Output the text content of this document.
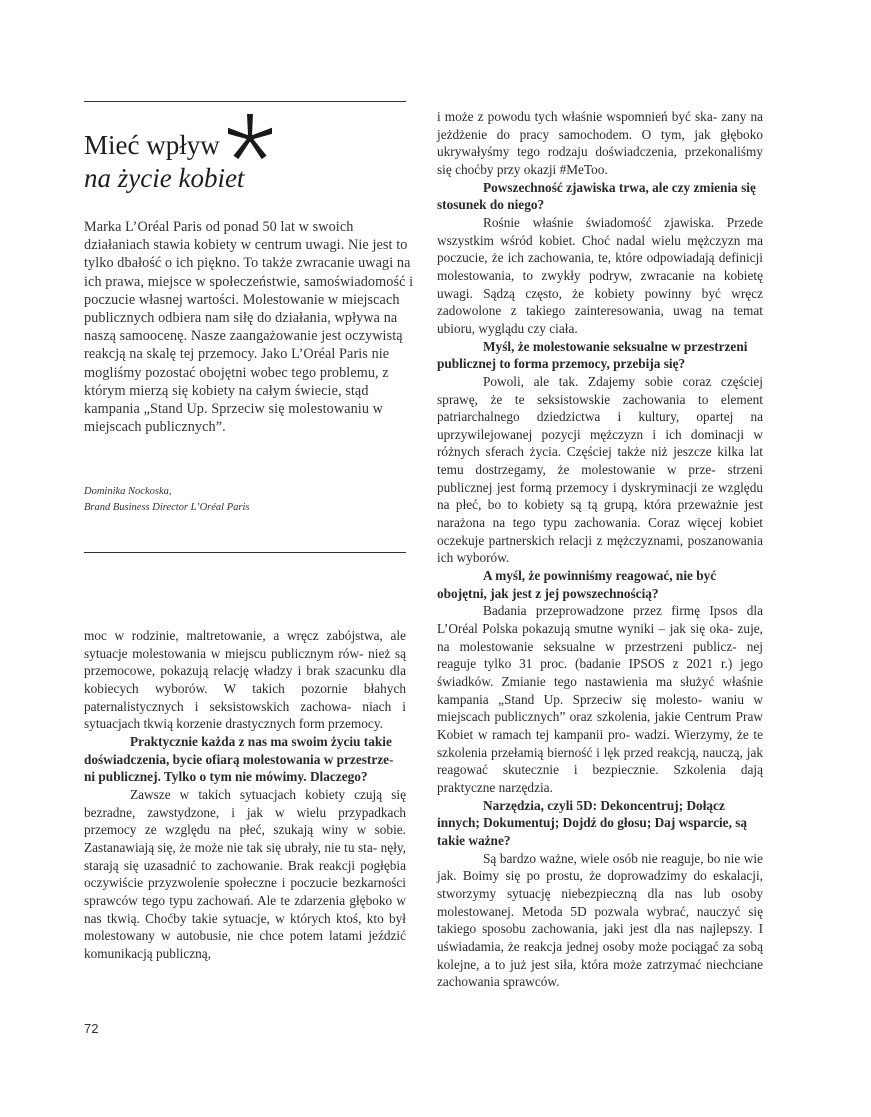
Mieć wpływ
na życie kobiet
Marka L’Oréal Paris od ponad 50 lat w swoich działaniach stawia kobiety w centrum uwagi. Nie jest to tylko dbałość o ich piękno. To także zwracanie uwagi na ich prawa, miejsce w społeczeństwie, samoświadomość i poczucie własnej wartości. Molestowanie w miejscach publicznych odbiera nam siłę do działania, wpływa na naszą samoocenę. Nasze zaangażowanie jest oczywistą reakcją na skalę tej przemocy. Jako L’Oréal Paris nie mogliśmy pozostać obojętni wobec tego problemu, z którym mierzą się kobiety na całym świecie, stąd kampania „Stand Up. Sprzeciw się molestowaniu w miejscach publicznych”.
Dominika Nockoska,
Brand Business Director L’Oréal Paris

moc w rodzinie, maltretowanie, a wręcz zabójstwa, ale sytuacje molestowania w miejscu publicznym rów- nież są przemocowe, pokazują relację władzy i brak szacunku dla kobiecych wyborów. W takich pozornie błahych paternalistycznych i seksistowskich zachowa- niach i sytuacjach tkwią korzenie drastycznych form przemocy.

Praktycznie każda z nas ma swoim życiu takie doświadczenia, bycie ofiarą molestowania w przestrze- ni publicznej. Tylko o tym nie mówimy. Dlaczego?

Zawsze w takich sytuacjach kobiety czują się bezradne, zawstydzone, i jak w wielu przypadkach przemocy ze względu na płeć, szukają winy w sobie. Zastanawiają się, że może nie tak się ubrały, nie tu sta- nęły, starają się uzasadnić to zachowanie. Brak reakcji pogłębia oczywiście przyzwolenie społeczne i poczucie bezkarności sprawców tego typu zachowań. Ale te zdarzenia głęboko w nas tkwią. Choćby takie sytuacje, w których ktoś, kto był molestowany w autobusie, nie chce potem latami jeździć komunikacją publiczną,

i może z powodu tych właśnie wspomnień być ska- zany na jeżdżenie do pracy samochodem. O tym, jak głęboko ukrywałyśmy tego rodzaju doświadczenia, przekonaliśmy się choćby przy okazji #MeToo.

Powszechność zjawiska trwa, ale czy zmienia się stosunek do niego?

Rośnie właśnie świadomość zjawiska. Przede wszystkim wśród kobiet. Choć nadal wielu mężczyzn ma poczucie, że ich zachowania, te, które odpowiadają definicji molestowania, to zwykły podryw, zwracanie na kobietę uwagi. Sądzą często, że kobiety powinny być wręcz zadowolone z takiego zainteresowania, uwag na temat ubioru, wyglądu czy ciała.

Myśl, że molestowanie seksualne w przestrzeni publicznej to forma przemocy, przebija się?

Powoli, ale tak. Zdajemy sobie coraz częściej sprawę, że te seksistowskie zachowania to element patriarchalnego dziedzictwa i kultury, opartej na uprzywilejowanej pozycji mężczyzn i ich dominacji w różnych sferach życia. Częściej także niż jeszcze kilka lat temu dostrzegamy, że molestowanie w prze- strzeni publicznej jest formą przemocy i dyskryminacji ze względu na płeć, bo to kobiety są tą grupą, która przeważnie jest narażona na tego typu zachowania. Coraz więcej kobiet oczekuje partnerskich relacji z mężczyznami, poszanowania ich wyborów.

A myśl, że powinniśmy reagować, nie być obojętni, jak jest z jej powszechnością?

Badania przeprowadzone przez firmę Ipsos dla L’Oréal Polska pokazują smutne wyniki – jak się oka- zuje, na molestowanie seksualne w przestrzeni publicz- nej reaguje tylko 31 proc. (badanie IPSOS z 2021 r.) jego świadków. Zmianie tego nastawienia ma służyć właśnie kampania „Stand Up. Sprzeciw się molesto- waniu w miejscach publicznych” oraz szkolenia, jakie Centrum Praw Kobiet w ramach tej kampanii pro- wadzi. Wierzymy, że te szkolenia przełamią bierność i lęk przed reakcją, nauczą, jak reagować skutecznie i bezpiecznie. Szkolenia dają praktyczne narzędzia.

Narzędzia, czyli 5D: Dekoncentruj; Dołącz innych; Dokumentuj; Dojdź do głosu; Daj wsparcie, są takie ważne?

Są bardzo ważne, wiele osób nie reaguje, bo nie wie jak. Boimy się po prostu, że doprowadzimy do eskalacji, stworzymy sytuację niebezpieczną dla nas lub osoby molestowanej. Metoda 5D pozwala wybrać, nauczyć się takiego sposobu zachowania, jaki jest dla nas najlepszy. I uświadamia, że reakcja jednej osoby może pociągać za sobą kolejne, a to już jest siła, która może zatrzymać niechciane zachowania sprawców.

72
